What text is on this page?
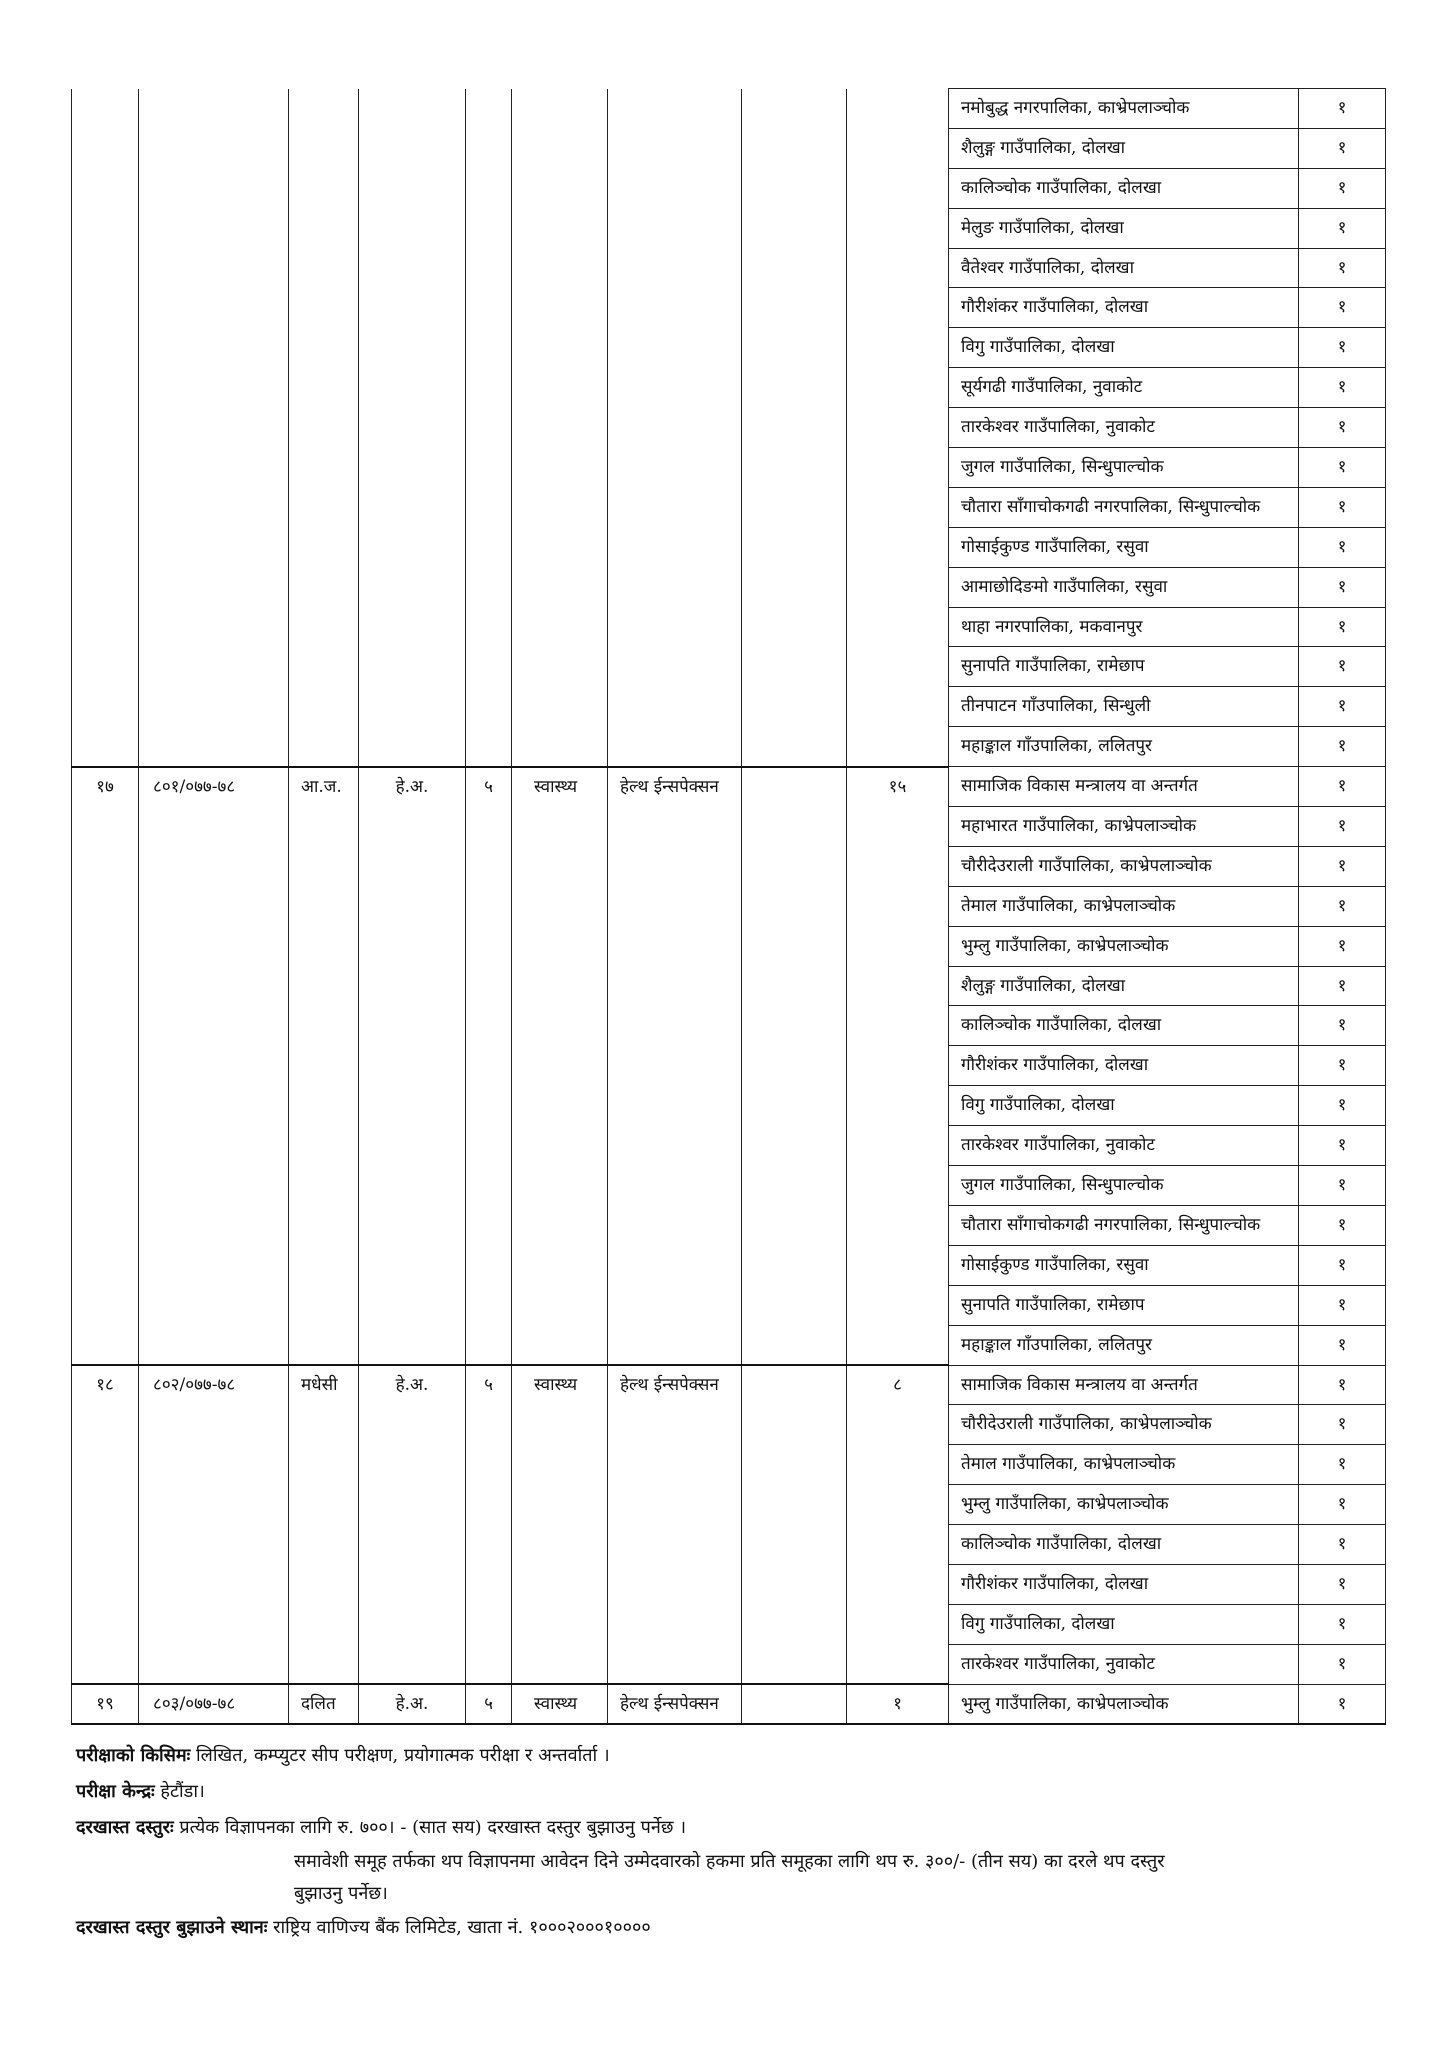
									नमोबुद्ध नगरपालिका, काभ्रेपलाञ्चोक	१
									शैलुङ्ग गाउँपालिका, दोलखा	१
									कालिञ्चोक गाउँपालिका, दोलखा	१
									मेलुङ गाउँपालिका, दोलखा	१
									वैतेश्वर गाउँपालिका, दोलखा	१
									गौरीशंकर गाउँपालिका, दोलखा	१
									विगु गाउँपालिका, दोलखा	१
									सूर्यगढी गाउँपालिका, नुवाकोट	१
									तारकेश्वर गाउँपालिका, नुवाकोट	१
									जुगल गाउँपालिका, सिन्धुपाल्चोक	१
									चौतारा साँगाचोकगढी नगरपालिका, सिन्धुपाल्चोक	१
									गोसाईकुण्ड गाउँपालिका, रसुवा	१
									आमाछोदिङमो गाउँपालिका, रसुवा	१
									थाहा नगरपालिका, मकवानपुर	१
									सुनापति गाउँपालिका, रामेछाप	१
									तीनपाटन गाँउपालिका, सिन्धुली	१
									महाङ्काल गाँउपालिका, ललितपुर	१
१७	८०१/०७७-७८	आ.ज.	हे.अ.	५	स्वास्थ्य	हेल्थ ईन्सपेक्सन		१५	सामाजिक विकास मन्त्रालय वा अन्तर्गत	१
									महाभारत गाउँपालिका, काभ्रेपलाञ्चोक	१
									चौरीदेउराली गाउँपालिका, काभ्रेपलाञ्चोक	१
									तेमाल गाउँपालिका, काभ्रेपलाञ्चोक	१
									भुम्लु गाउँपालिका, काभ्रेपलाञ्चोक	१
									शैलुङ्ग गाउँपालिका, दोलखा	१
									कालिञ्चोक गाउँपालिका, दोलखा	१
									गौरीशंकर गाउँपालिका, दोलखा	१
									विगु गाउँपालिका, दोलखा	१
									तारकेश्वर गाउँपालिका, नुवाकोट	१
									जुगल गाउँपालिका, सिन्धुपाल्चोक	१
									चौतारा साँगाचोकगढी नगरपालिका, सिन्धुपाल्चोक	१
									गोसाईकुण्ड गाउँपालिका, रसुवा	१
									सुनापति गाउँपालिका, रामेछाप	१
									महाङ्काल गाँउपालिका, ललितपुर	१
१८	८०२/०७७-७८	मधेसी	हे.अ.	५	स्वास्थ्य	हेल्थ ईन्सपेक्सन		८	सामाजिक विकास मन्त्रालय वा अन्तर्गत	१
									चौरीदेउराली गाउँपालिका, काभ्रेपलाञ्चोक	१
									तेमाल गाउँपालिका, काभ्रेपलाञ्चोक	१
									भुम्लु गाउँपालिका, काभ्रेपलाञ्चोक	१
									कालिञ्चोक गाउँपालिका, दोलखा	१
									गौरीशंकर गाउँपालिका, दोलखा	१
									विगु गाउँपालिका, दोलखा	१
									तारकेश्वर गाउँपालिका, नुवाकोट	१
१९	८०३/०७७-७८	दलित	हे.अ.	५	स्वास्थ्य	हेल्थ ईन्सपेक्सन		१	भुम्लु गाउँपालिका, काभ्रेपलाञ्चोक	१
परीक्षाको किसिमः लिखित, कम्प्युटर सीप परीक्षण, प्रयोगात्मक परीक्षा र अन्तर्वार्ता ।
परीक्षा केन्द्रः हेटौंडा।
दरखास्त दस्तुरः प्रत्येक विज्ञापनका लागि रु. ७००। - (सात सय) दरखास्त दस्तुर बुझाउनु पर्नेछ ।
समावेशी समूह तर्फका थप विज्ञापनमा आवेदन दिने उम्मेदवारको हकमा प्रति समूहका लागि थप रु. ३००/- (तीन सय) का दरले थप दस्तुर
बुझाउनु पर्नेछ।
दरखास्त दस्तुर बुझाउने स्थानः राष्ट्रिय वाणिज्य बैंक लिमिटेड, खाता नं. १०००२०००१००००
